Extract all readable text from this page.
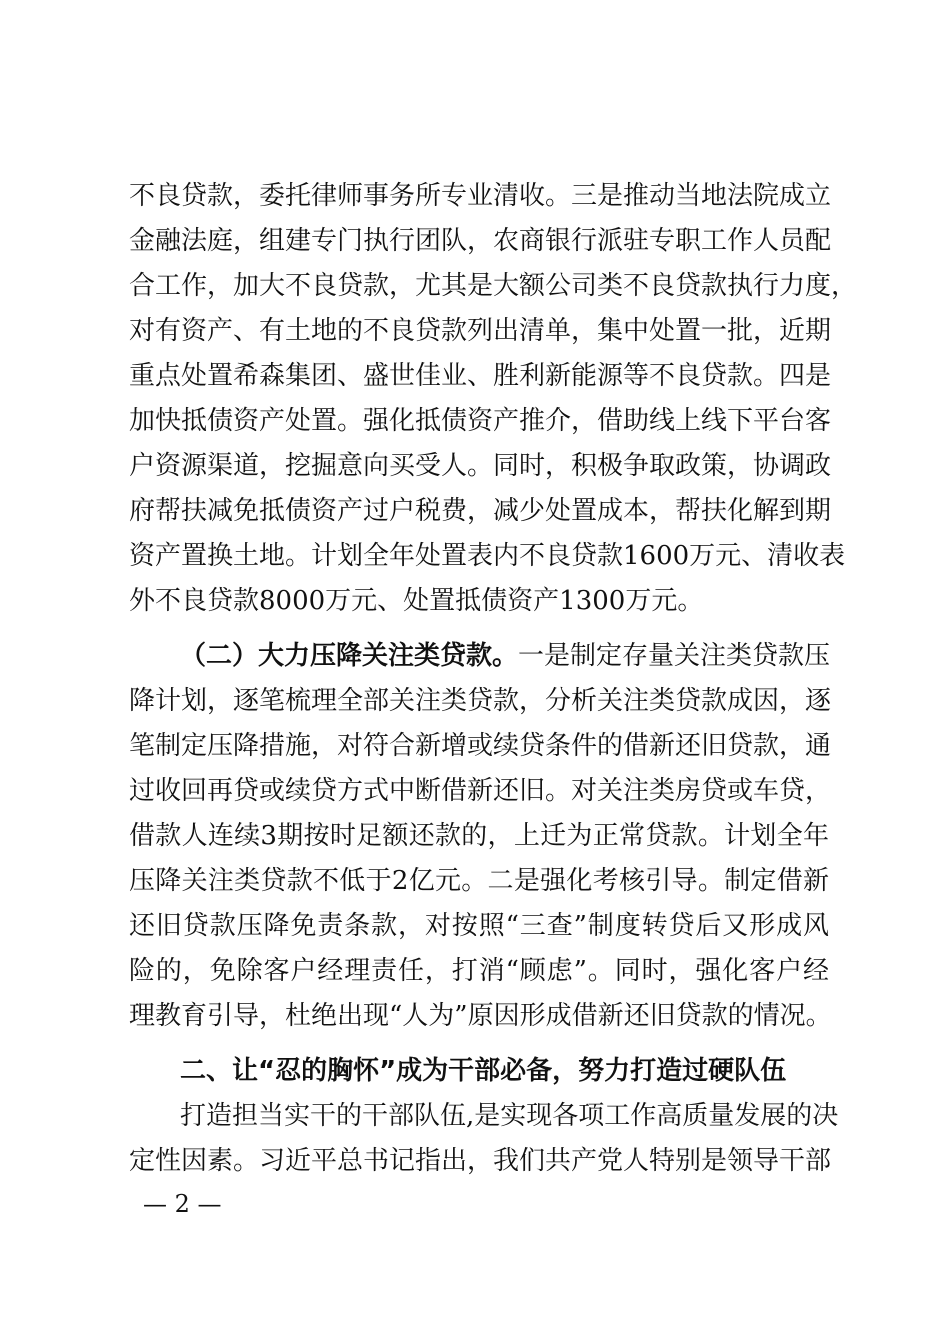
不良贷款，委托律师事务所专业清收。三是推动当地法院成立
金融法庭，组建专门执行团队，农商银行派驻专职工作人员配
合工作，加大不良贷款，尤其是大额公司类不良贷款执行力度，
对有资产、有土地的不良贷款列出清单，集中处置一批，近期
重点处置希森集团、盛世佳业、胜利新能源等不良贷款。四是
加快抵债资产处置。强化抵债资产推介，借助线上线下平台客
户资源渠道，挖掘意向买受人。同时，积极争取政策，协调政
府帮扶减免抵债资产过户税费，减少处置成本，帮扶化解到期
资产置换土地。计划全年处置表内不良贷款1600万元、清收表
外不良贷款8000万元、处置抵债资产1300万元。
（二）大力压降关注类贷款。一是制定存量关注类贷款压
降计划，逐笔梳理全部关注类贷款，分析关注类贷款成因，逐
笔制定压降措施，对符合新增或续贷条件的借新还旧贷款，通
过收回再贷或续贷方式中断借新还旧。对关注类房贷或车贷，
借款人连续3期按时足额还款的，上迁为正常贷款。计划全年
压降关注类贷款不低于2亿元。二是强化考核引导。制定借新
还旧贷款压降免责条款，对按照“三查”制度转贷后又形成风
险的，免除客户经理责任，打消“顾虑”。同时，强化客户经
理教育引导，杜绝出现“人为”原因形成借新还旧贷款的情况。
二、让“忍的胸怀”成为干部必备，努力打造过硬队伍
打造担当实干的干部队伍,是实现各项工作高质量发展的决
定性因素。习近平总书记指出，我们共产党人特别是领导干部
— 2 —
